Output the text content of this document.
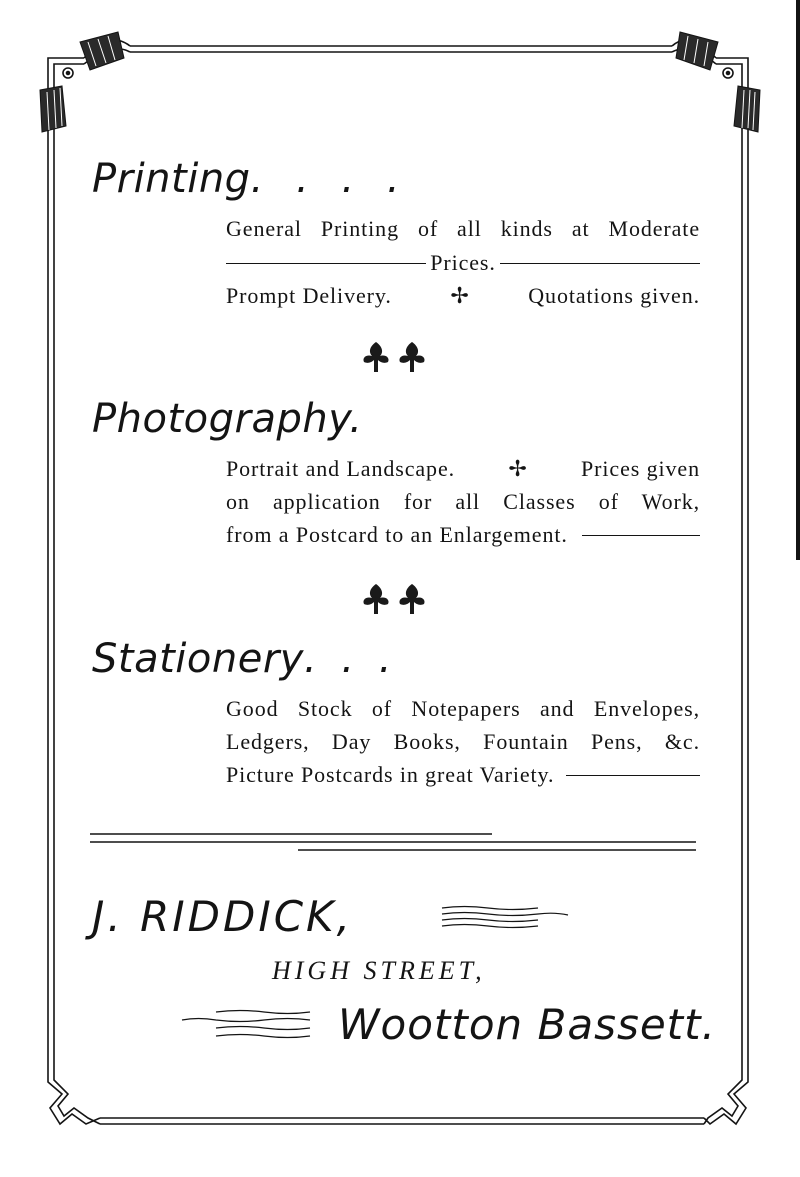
Printing. . . .
General Printing of all kinds at Moderate
Prices.
Prompt Delivery.	✢	Quotations given.
Photography.
Portrait and Landscape.	✢	Prices given
on application for all Classes of Work,
from a Postcard to an Enlargement.
Stationery. . .
Good Stock of Notepapers and Envelopes,
Ledgers, Day Books, Fountain Pens, &c.
Picture Postcards in great Variety.
J. RIDDICK,
HIGH STREET,
Wootton Bassett.
